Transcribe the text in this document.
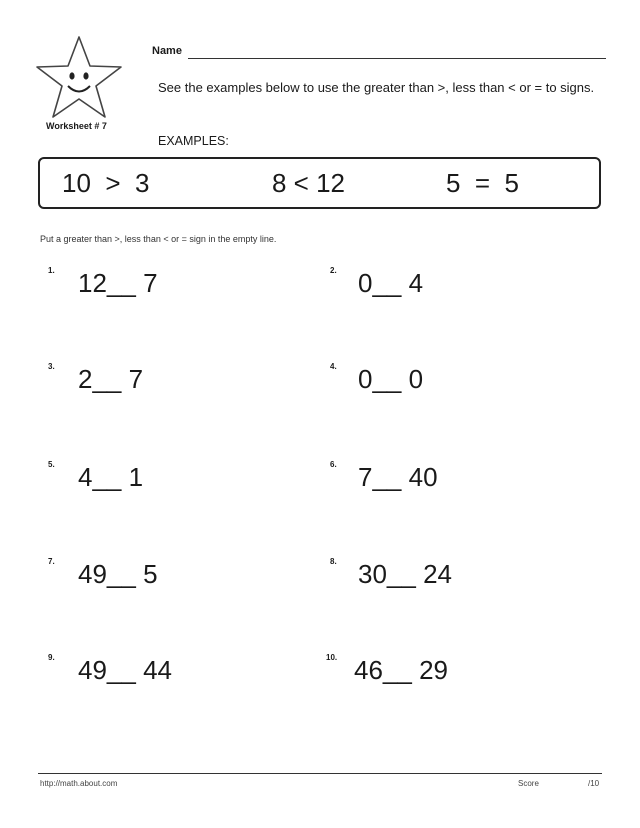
Worksheet # 7
Name
See the examples below to use the greater than >, less than < or = to signs.
EXAMPLES:
10  >  3	8 < 12	5  =  5
Put a greater than >, less than < or = sign in the empty line.
1. 12__ 7
3. 2__ 7
5. 4__ 1
7. 49__ 5
9. 49__ 44
2. 0__ 4
4. 0__ 0
6. 7__ 40
8. 30__ 24
10. 46__ 29
http://math.about.com	Score	/10
